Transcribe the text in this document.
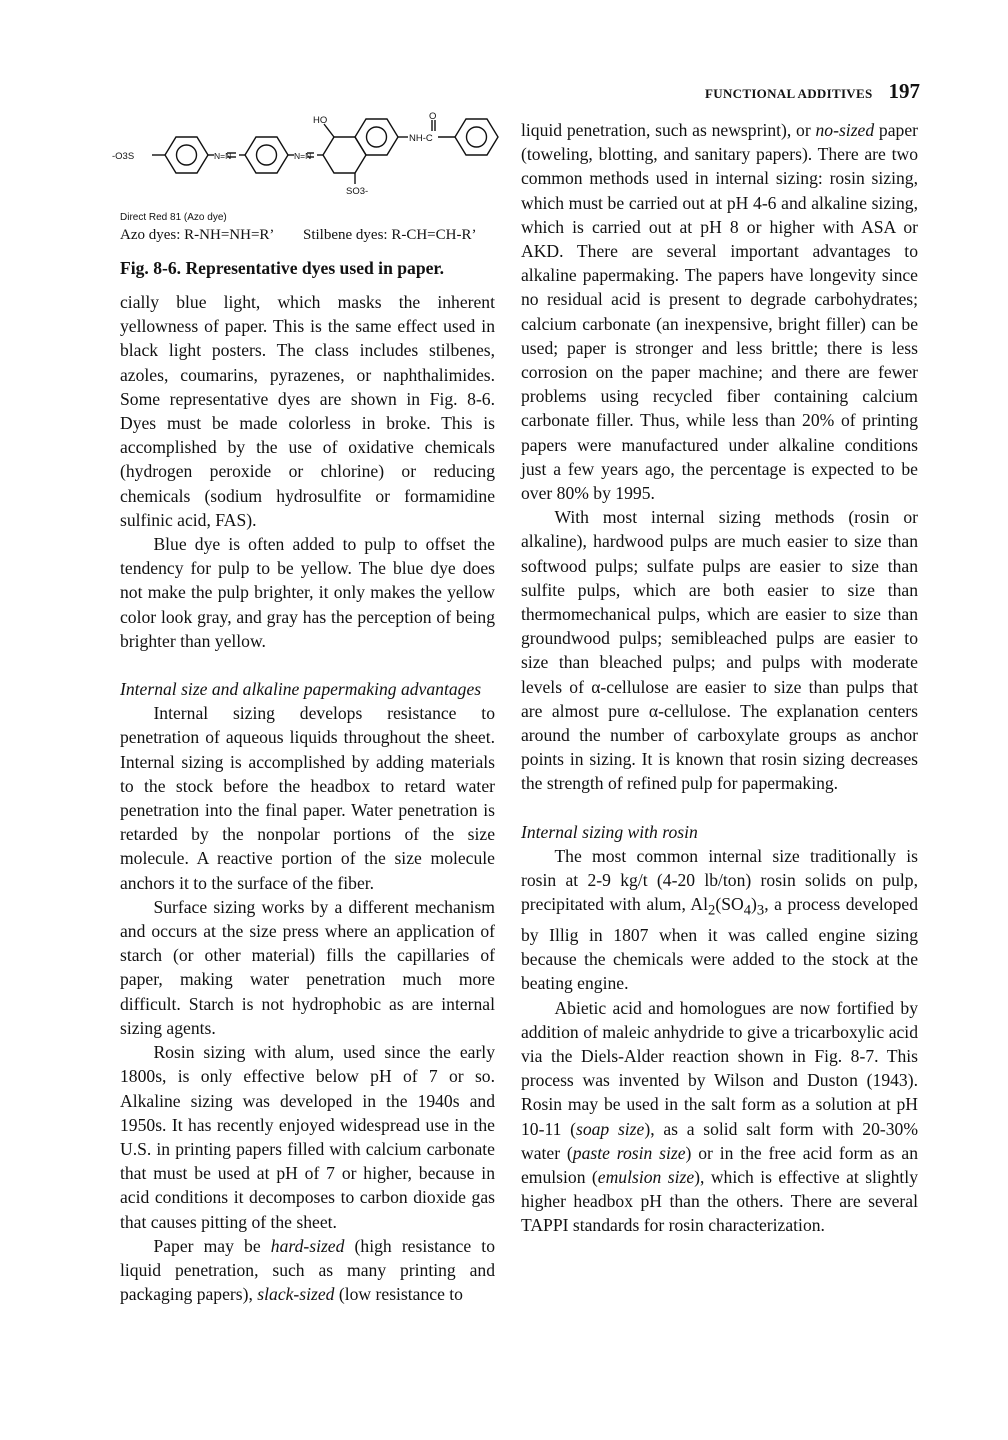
FUNCTIONAL ADDITIVES 197
-O3S	N=N	N=N
HO	O
NH-C
SO3-
Direct Red 81 (Azo dye)
Azo dyes: R-NH=NH=R’ Stilbene dyes: R-CH=CH-R’
Fig. 8-6. Representative dyes used in paper.

cially blue light, which masks the inherent yellowness of paper. This is the same effect used in black light posters. The class includes stilbenes, azoles, coumarins, pyrazenes, or naphthalimides. Some representative dyes are shown in Fig. 8-6. Dyes must be made colorless in broke. This is accomplished by the use of oxidative chemicals (hydrogen peroxide or chlorine) or reducing chemicals (sodium hydrosulfite or formamidine sulfinic acid, FAS).

Blue dye is often added to pulp to offset the tendency for pulp to be yellow. The blue dye does not make the pulp brighter, it only makes the yellow color look gray, and gray has the perception of being brighter than yellow.

Internal size and alkaline papermaking advantages

Internal sizing develops resistance to penetration of aqueous liquids throughout the sheet. Internal sizing is accomplished by adding materials to the stock before the headbox to retard water penetration into the final paper. Water penetration is retarded by the nonpolar portions of the size molecule. A reactive portion of the size molecule anchors it to the surface of the fiber.

Surface sizing works by a different mechanism and occurs at the size press where an application of starch (or other material) fills the capillaries of paper, making water penetration much more difficult. Starch is not hydrophobic as are internal sizing agents.

Rosin sizing with alum, used since the early 1800s, is only effective below pH of 7 or so. Alkaline sizing was developed in the 1940s and 1950s. It has recently enjoyed widespread use in the U.S. in printing papers filled with calcium carbonate that must be used at pH of 7 or higher, because in acid conditions it decomposes to carbon dioxide gas that causes pitting of the sheet.

Paper may be hard-sized (high resistance to liquid penetration, such as many printing and packaging papers), slack-sized (low resistance to

liquid penetration, such as newsprint), or no-sized paper (toweling, blotting, and sanitary papers). There are two common methods used in internal sizing: rosin sizing, which must be carried out at pH 4-6 and alkaline sizing, which is carried out at pH 8 or higher with ASA or AKD. There are several important advantages to alkaline papermaking. The papers have longevity since no residual acid is present to degrade carbohydrates; calcium carbonate (an inexpensive, bright filler) can be used; paper is stronger and less brittle; there is less corrosion on the paper machine; and there are fewer problems using recycled fiber containing calcium carbonate filler. Thus, while less than 20% of printing papers were manufactured under alkaline conditions just a few years ago, the percentage is expected to be over 80% by 1995.

With most internal sizing methods (rosin or alkaline), hardwood pulps are much easier to size than softwood pulps; sulfate pulps are easier to size than sulfite pulps, which are both easier to size than thermomechanical pulps, which are easier to size than groundwood pulps; semibleached pulps are easier to size than bleached pulps; and pulps with moderate levels of α-cellulose are easier to size than pulps that are almost pure α-cellulose. The explanation centers around the number of carboxylate groups as anchor points in sizing. It is known that rosin sizing decreases the strength of refined pulp for papermaking.

Internal sizing with rosin

The most common internal size traditionally is rosin at 2-9 kg/t (4-20 lb/ton) rosin solids on pulp, precipitated with alum, $Al_2(SO_4)_3$, a process developed by Illig in 1807 when it was called engine sizing because the chemicals were added to the stock at the beating engine.

Abietic acid and homologues are now fortified by addition of maleic anhydride to give a tricarboxylic acid via the Diels-Alder reaction shown in Fig. 8-7. This process was invented by Wilson and Duston (1943). Rosin may be used in the salt form as a solution at pH 10-11 (soap size), as a solid salt form with 20-30% water (paste rosin size) or in the free acid form as an emulsion (emulsion size), which is effective at slightly higher headbox pH than the others. There are several TAPPI standards for rosin characterization.
